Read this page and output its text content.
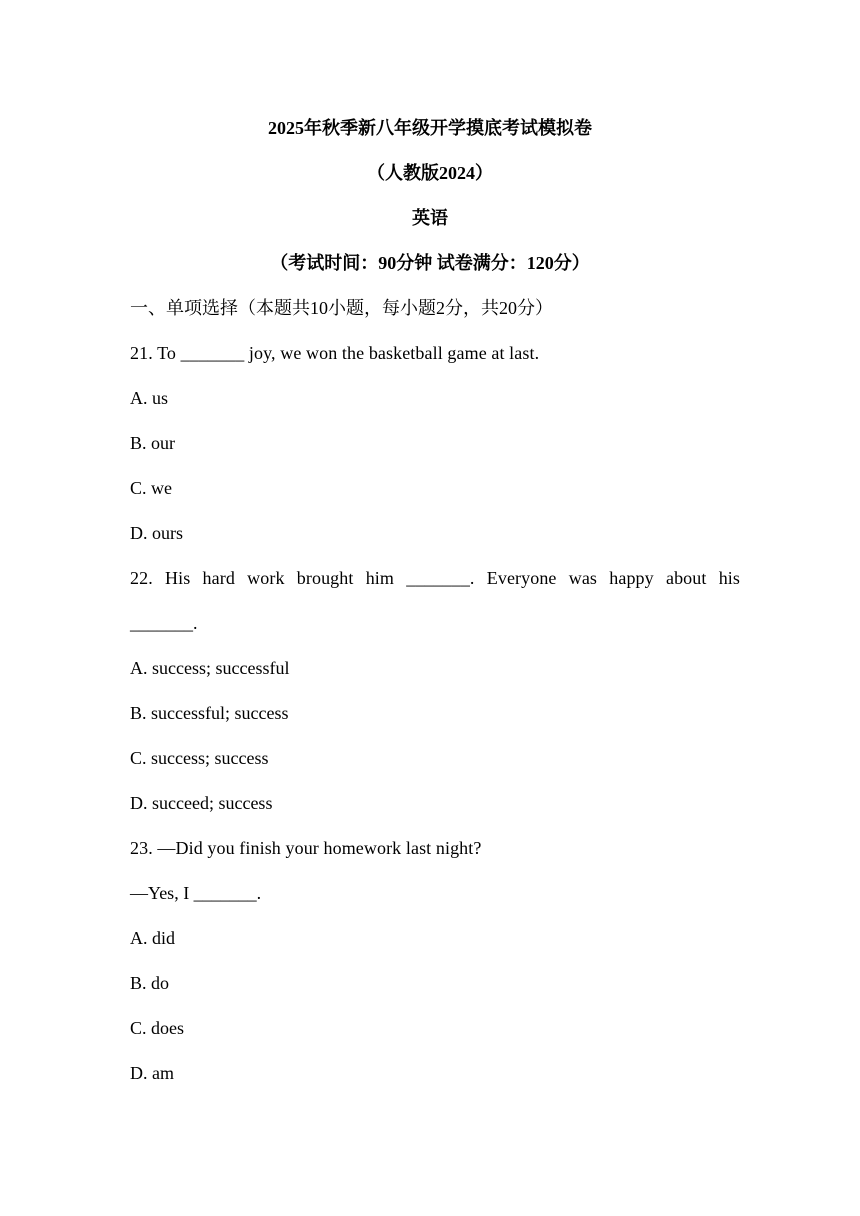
2025年秋季新八年级开学摸底考试模拟卷
（人教版2024）
英语
（考试时间：90分钟 试卷满分：120分）
一、单项选择（本题共10小题，每小题2分，共20分）
21. To _______ joy, we won the basketball game at last.
A. us
B. our
C. we
D. ours
22. His hard work brought him _______. Everyone was happy about his
_______.
A. success; successful
B. successful; success
C. success; success
D. succeed; success
23. —Did you finish your homework last night?
—Yes, I _______.
A. did
B. do
C. does
D. am
